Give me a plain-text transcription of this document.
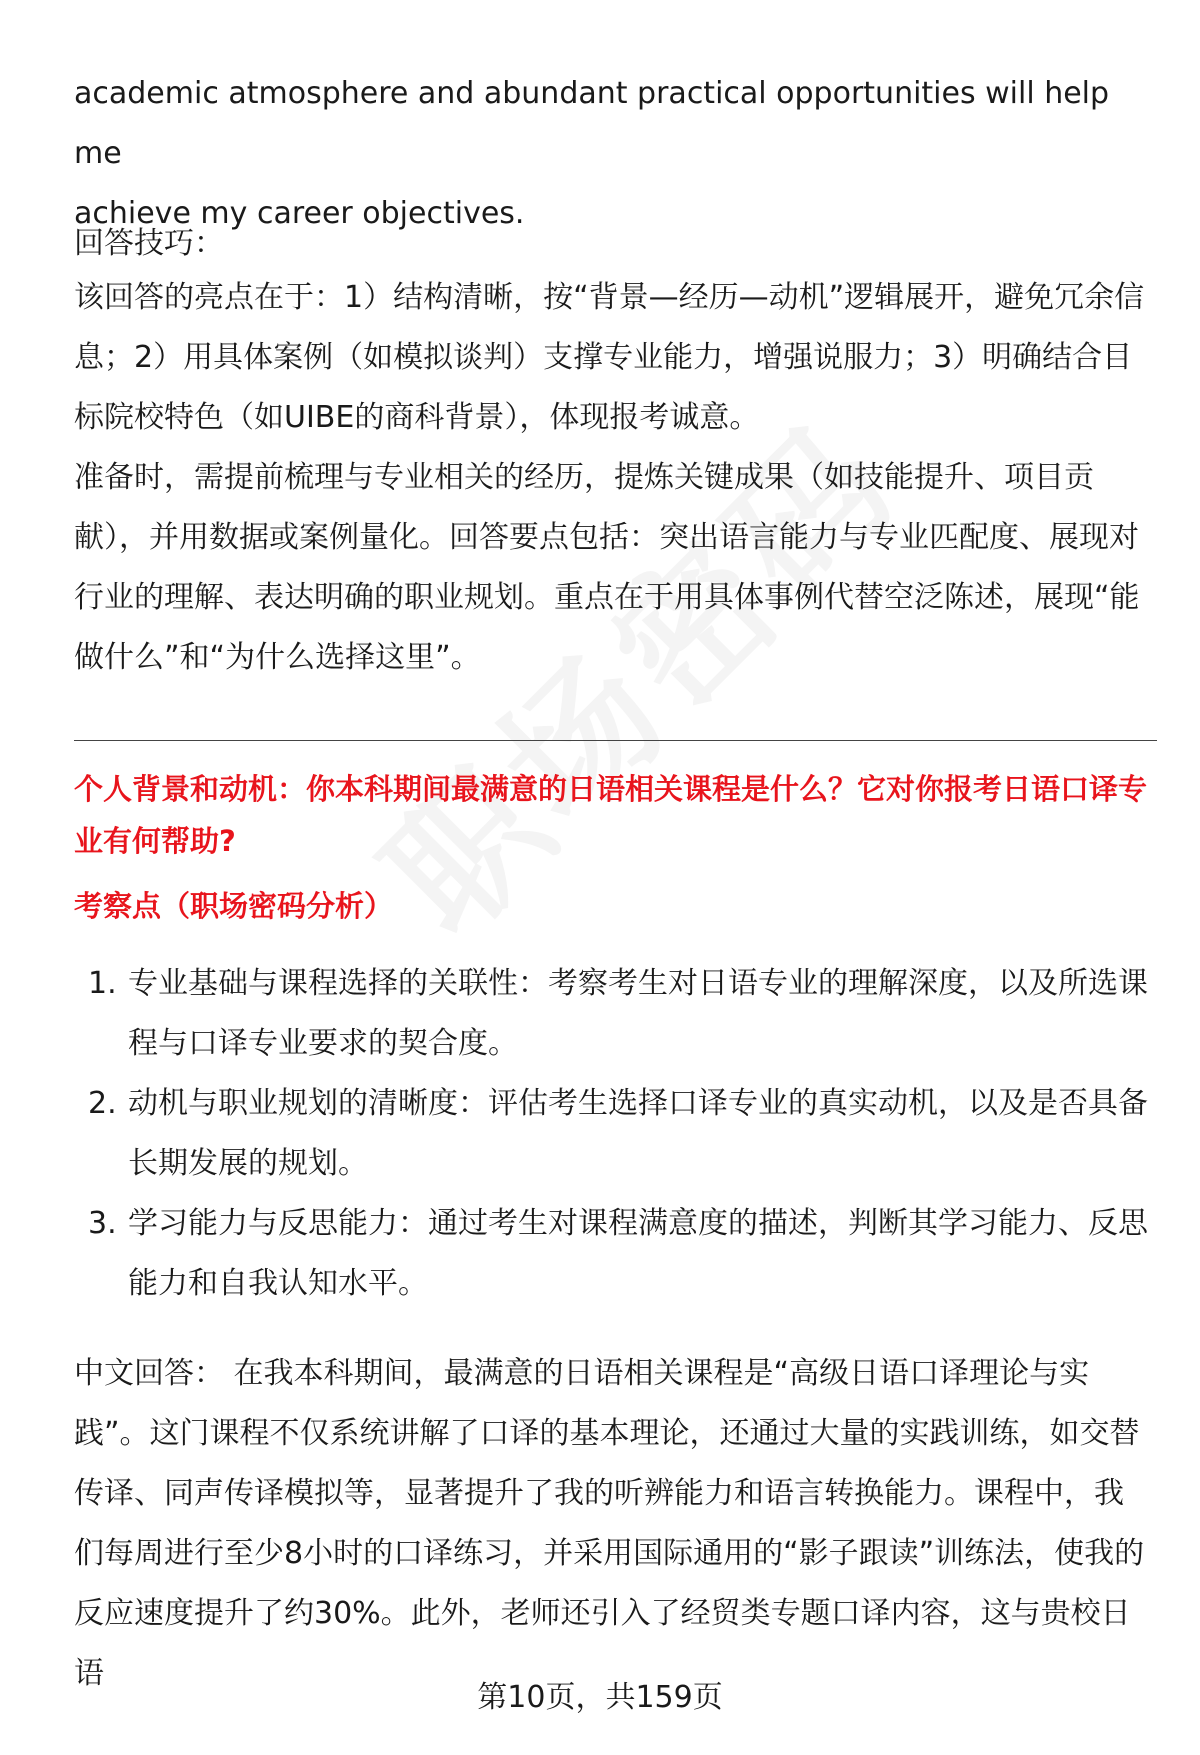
academic atmosphere and abundant practical opportunities will help me

achieve my career objectives.

回答技巧：

该回答的亮点在于：1）结构清晰，按“背景—经历—动机”逻辑展开，避免冗余信息；2）用具体案例（如模拟谈判）支撑专业能力，增强说服力；3）明确结合目标院校特色（如UIBE的商科背景），体现报考诚意。

准备时，需提前梳理与专业相关的经历，提炼关键成果（如技能提升、项目贡献），并用数据或案例量化。回答要点包括：突出语言能力与专业匹配度、展现对行业的理解、表达明确的职业规划。重点在于用具体事例代替空泛陈述，展现“能做什么”和“为什么选择这里”。

个人背景和动机：你本科期间最满意的日语相关课程是什么？它对你报考日语口译专业有何帮助?

考察点（职场密码分析）

1. 专业基础与课程选择的关联性：考察考生对日语专业的理解深度，以及所选课程与口译专业要求的契合度。
2. 动机与职业规划的清晰度：评估考生选择口译专业的真实动机，以及是否具备长期发展的规划。
3. 学习能力与反思能力：通过考生对课程满意度的描述，判断其学习能力、反思能力和自我认知水平。

中文回答： 在我本科期间，最满意的日语相关课程是“高级日语口译理论与实践”。这门课程不仅系统讲解了口译的基本理论，还通过大量的实践训练，如交替传译、同声传译模拟等，显著提升了我的听辨能力和语言转换能力。课程中，我们每周进行至少8小时的口译练习，并采用国际通用的“影子跟读”训练法，使我的反应速度提升了约30%。此外，老师还引入了经贸类专题口译内容，这与贵校日语

第10页，共159页
